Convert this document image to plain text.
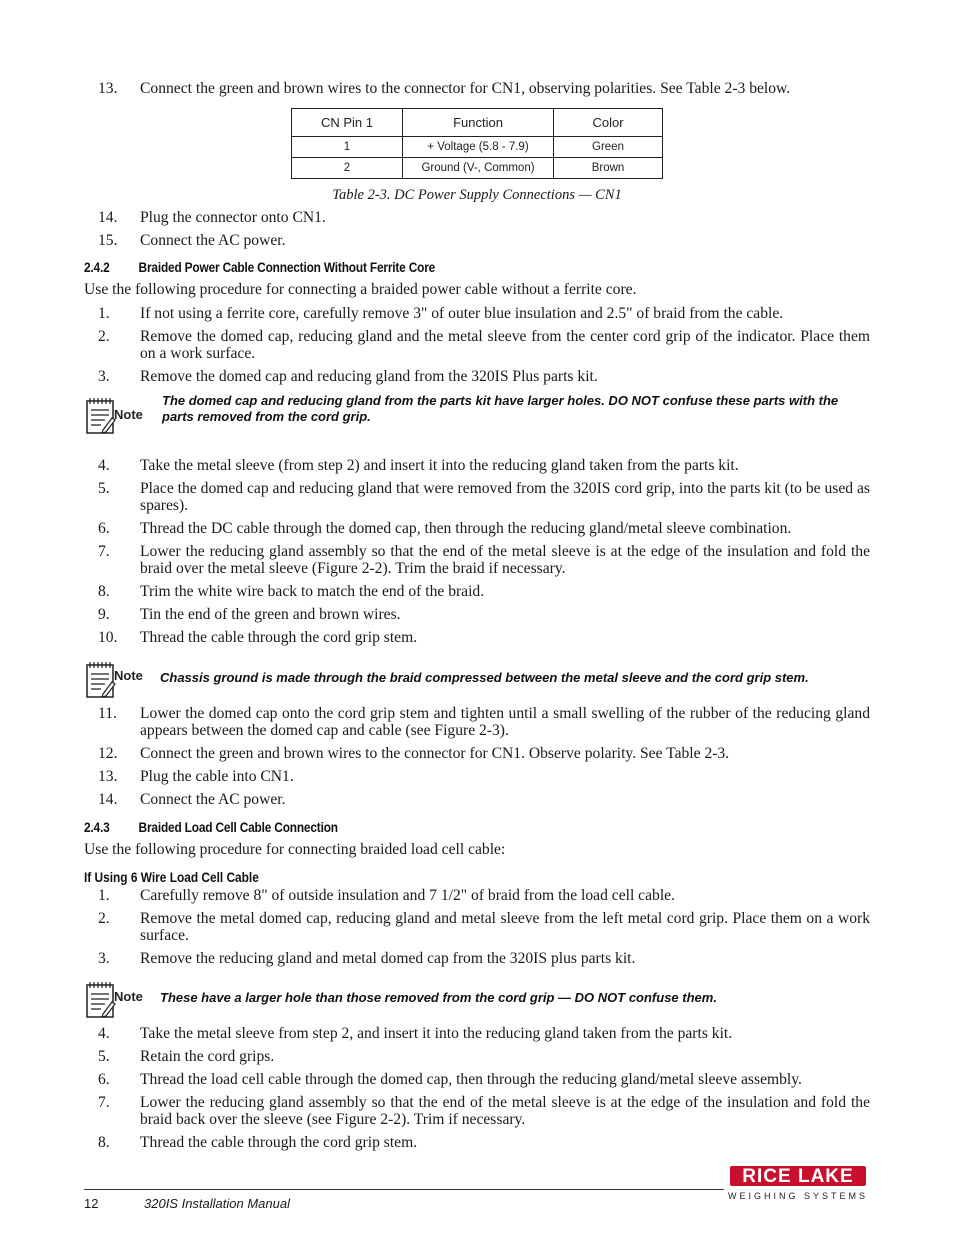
13.	Connect the green and brown wires to the connector for CN1, observing polarities. See Table 2-3 below.
CN Pin 1	Function	Color
1	+ Voltage (5.8 - 7.9)	Green
2	Ground (V-, Common)	Brown
Table 2-3. DC Power Supply Connections — CN1
14.	Plug the connector onto CN1.
15.	Connect the AC power.
2.4.2 Braided Power Cable Connection Without Ferrite Core

Use the following procedure for connecting a braided power cable without a ferrite core.

1.	If not using a ferrite core, carefully remove 3" of outer blue insulation and 2.5" of braid from the cable.
2.	Remove the domed cap, reducing gland and the metal sleeve from the center cord grip of the indicator. Place them on a work surface.
3.	Remove the domed cap and reducing gland from the 320IS Plus parts kit.
Note
The domed cap and reducing gland from the parts kit have larger holes. DO NOT confuse these parts with the parts removed from the cord grip.
4.	Take the metal sleeve (from step 2) and insert it into the reducing gland taken from the parts kit.
5.	Place the domed cap and reducing gland that were removed from the 320IS cord grip, into the parts kit (to be used as spares).
6.	Thread the DC cable through the domed cap, then through the reducing gland/metal sleeve combination.
7.	Lower the reducing gland assembly so that the end of the metal sleeve is at the edge of the insulation and fold the braid over the metal sleeve (Figure 2-2). Trim the braid if necessary.
8.	Trim the white wire back to match the end of the braid.
9.	Tin the end of the green and brown wires.
10.	Thread the cable through the cord grip stem.
Note Chassis ground is made through the braid compressed between the metal sleeve and the cord grip stem.
11.	Lower the domed cap onto the cord grip stem and tighten until a small swelling of the rubber of the reducing gland appears between the domed cap and cable (see Figure 2-3).
12.	Connect the green and brown wires to the connector for CN1. Observe polarity. See Table 2-3.
13.	Plug the cable into CN1.
14.	Connect the AC power.
2.4.3 Braided Load Cell Cable Connection

Use the following procedure for connecting braided load cell cable:

If Using 6 Wire Load Cell Cable
1.	Carefully remove 8" of outside insulation and 7 1/2" of braid from the load cell cable.
2.	Remove the metal domed cap, reducing gland and metal sleeve from the left metal cord grip. Place them on a work surface.
3.	Remove the reducing gland and metal domed cap from the 320IS plus parts kit.
Note These have a larger hole than those removed from the cord grip — DO NOT confuse them.
4.	Take the metal sleeve from step 2, and insert it into the reducing gland taken from the parts kit.
5.	Retain the cord grips.
6.	Thread the load cell cable through the domed cap, then through the reducing gland/metal sleeve assembly.
7.	Lower the reducing gland assembly so that the end of the metal sleeve is at the edge of the insulation and fold the braid back over the sleeve (see Figure 2-2). Trim if necessary.
8.	Thread the cable through the cord grip stem.
12	320IS Installation Manual
RICE LAKE
WEIGHING SYSTEMS
